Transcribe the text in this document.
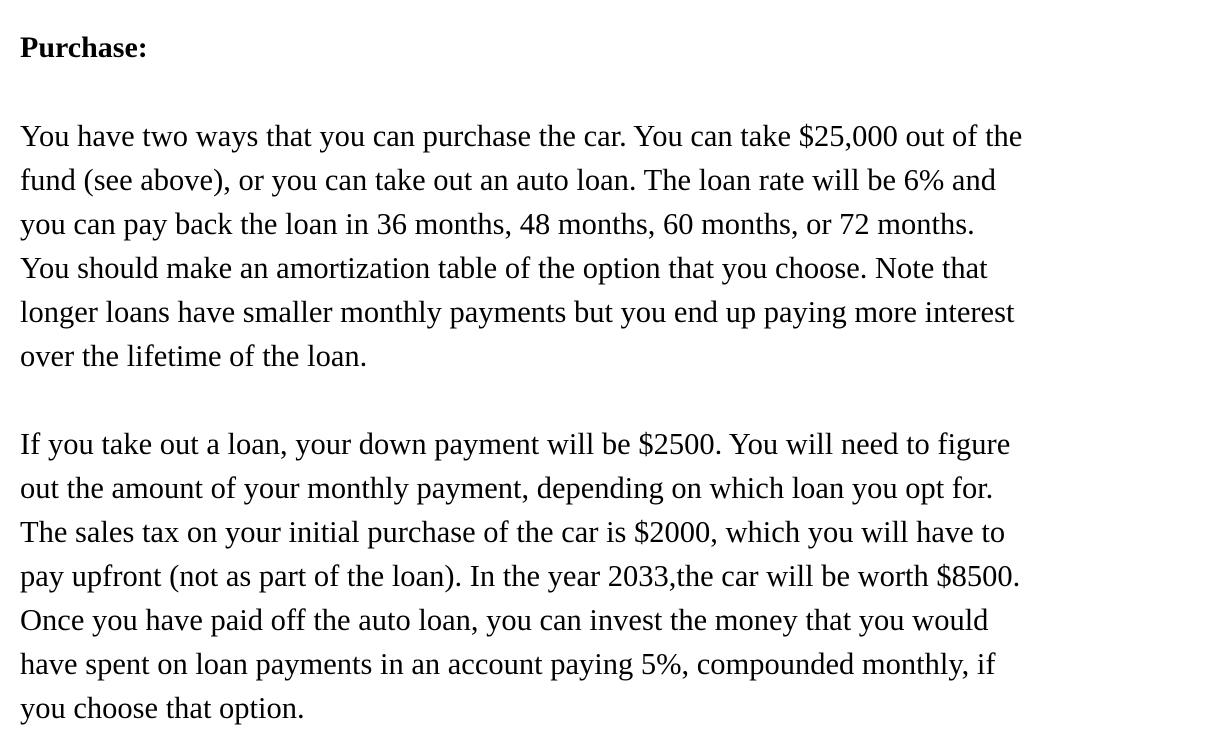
Purchase:

You have two ways that you can purchase the car. You can take $25,000 out of the
fund (see above), or you can take out an auto loan. The loan rate will be 6% and
you can pay back the loan in 36 months, 48 months, 60 months, or 72 months.
You should make an amortization table of the option that you choose. Note that
longer loans have smaller monthly payments but you end up paying more interest
over the lifetime of the loan.

If you take out a loan, your down payment will be $2500. You will need to figure
out the amount of your monthly payment, depending on which loan you opt for.
The sales tax on your initial purchase of the car is $2000, which you will have to
pay upfront (not as part of the loan). In the year 2033,the car will be worth $8500.
Once you have paid off the auto loan, you can invest the money that you would
have spent on loan payments in an account paying 5%, compounded monthly, if
you choose that option.
